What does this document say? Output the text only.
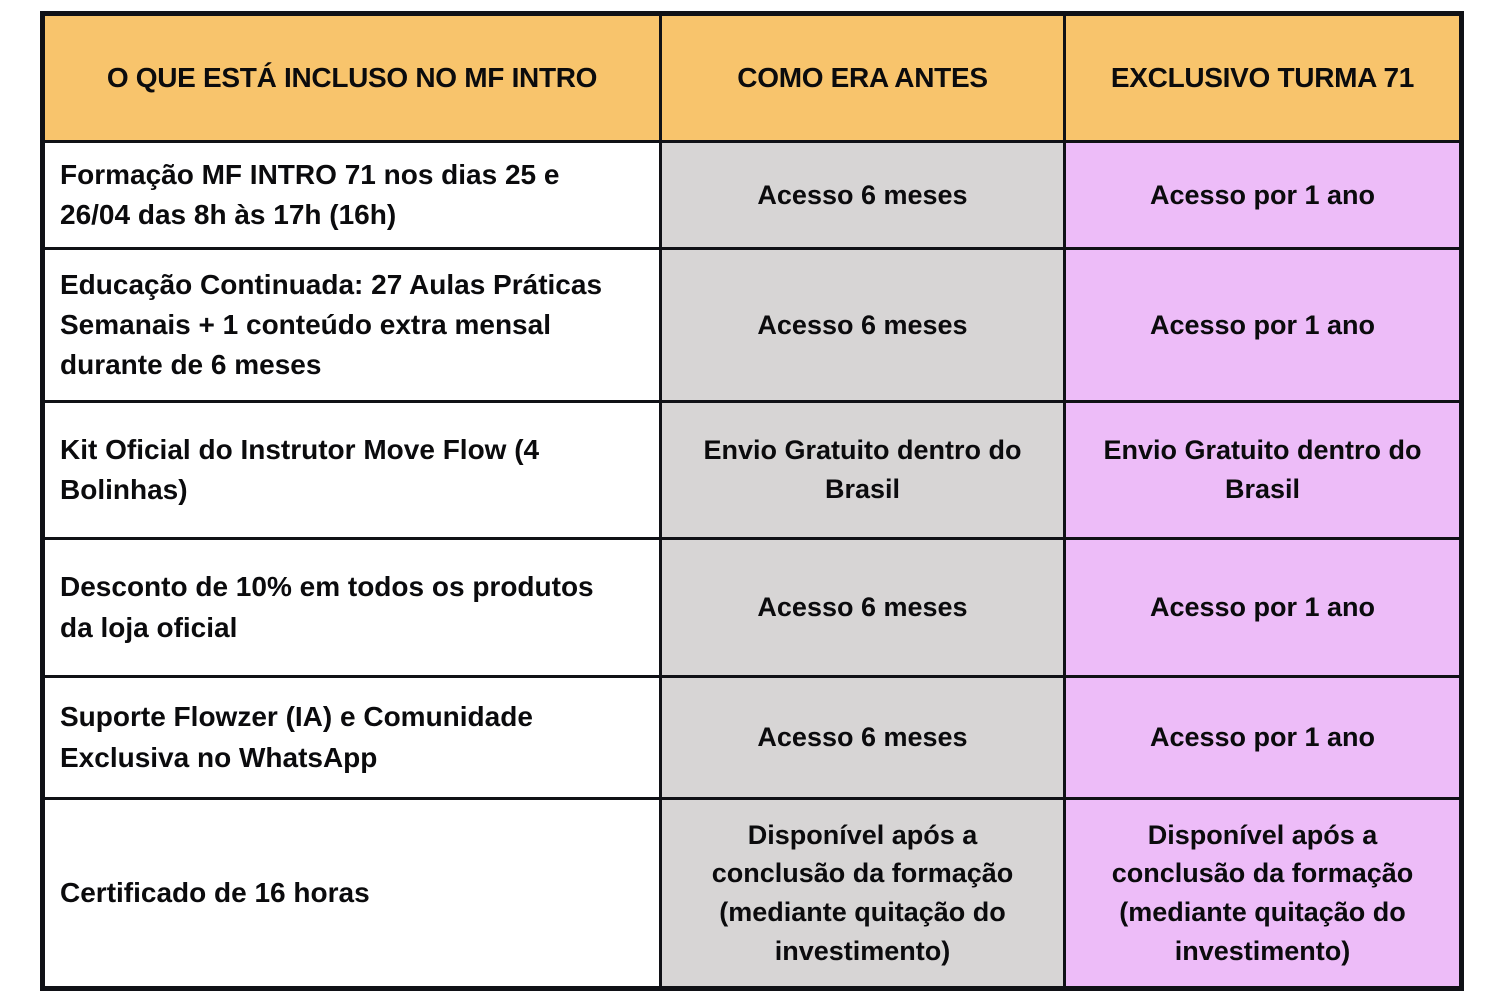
O QUE ESTÁ INCLUSO NO MF INTRO	COMO ERA ANTES	EXCLUSIVO TURMA 71
Formação MF INTRO 71 nos dias 25 e 26/04 das 8h às 17h (16h)	Acesso 6 meses	Acesso por 1 ano
Educação Continuada: 27 Aulas Práticas Semanais + 1 conteúdo extra mensal durante de 6 meses	Acesso 6 meses	Acesso por 1 ano
Kit Oficial do Instrutor Move Flow (4 Bolinhas)	Envio Gratuito dentro do Brasil	Envio Gratuito dentro do Brasil
Desconto de 10% em todos os produtos da loja oficial	Acesso 6 meses	Acesso por 1 ano
Suporte Flowzer (IA) e Comunidade Exclusiva no WhatsApp	Acesso 6 meses	Acesso por 1 ano
Certificado de 16 horas	Disponível após a conclusão da formação (mediante quitação do investimento)	Disponível após a conclusão da formação (mediante quitação do investimento)
